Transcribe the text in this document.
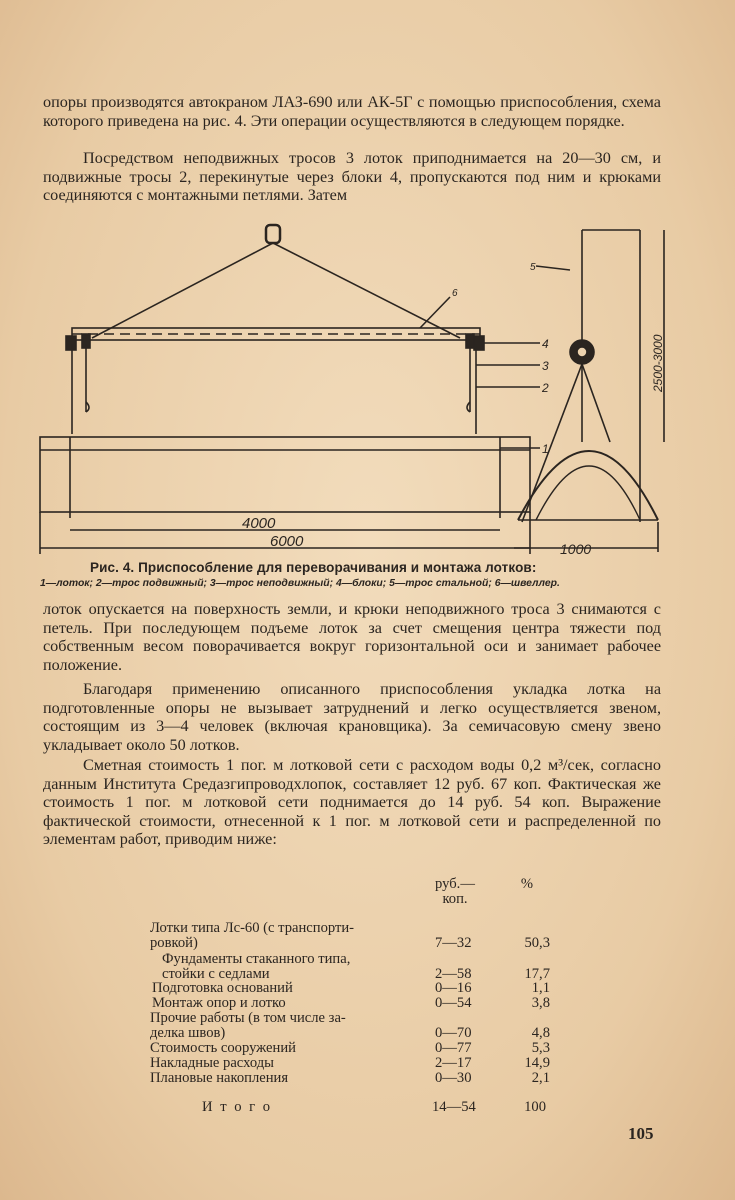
опоры производятся автокраном ЛАЗ-690 или АК-5Г с помощью приспособления, схема которого приведена на рис. 4. Эти операции осуществляются в следующем порядке.

Посредством неподвижных тросов 3 лоток приподнимается на 20—30 см, и подвижные тросы 2, перекинутые через блоки 4, пропускаются под ним и крюками соединяются с монтажными петлями. Затем

4000
6000	1000
2500-3000
4
3
2
1
6
5
Рис. 4. Приспособление для переворачивания и монтажа лотков:
1—лоток; 2—трос подвижный; 3—трос неподвижный; 4—блоки; 5—трос стальной; 6—швеллер.

лоток опускается на поверхность земли, и крюки неподвижного троса 3 снимаются с петель. При последующем подъеме лоток за счет смещения центра тяжести под собственным весом поворачивается вокруг горизонтальной оси и занимает рабочее положение.

Благодаря применению описанного приспособления укладка лотка на подготовленные опоры не вызывает затруднений и легко осуществляется звеном, состоящим из 3—4 человек (включая крановщика). За семичасовую смену звено укладывает около 50 лотков.

Сметная стоимость 1 пог. м лотковой сети с расходом воды 0,2 м³/сек, согласно данным Института Средазгипроводхлопок, составляет 12 руб. 67 коп. Фактическая же стоимость 1 пог. м лотковой сети поднимается до 14 руб. 54 коп. Выражение фактической стоимости, отнесенной к 1 пог. м лотковой сети и распределенной по элементам работ, приводим ниже:

руб.—
коп.
%
Лотки типа Лс-60 (с транспорти-
ровкой)	7—32	50,3
Фундаменты стаканного типа,
стойки с седлами	2—58	17,7
Подготовка оснований	0—16	1,1
Монтаж опор и лотко	0—54	3,8
Прочие работы (в том числе за-
делка швов)	0—70	4,8
Стоимость сооружений	0—77	5,3
Накладные расходы	2—17	14,9
Плановые накопления	0—30	2,1
И т о г о	14—54	100
105
